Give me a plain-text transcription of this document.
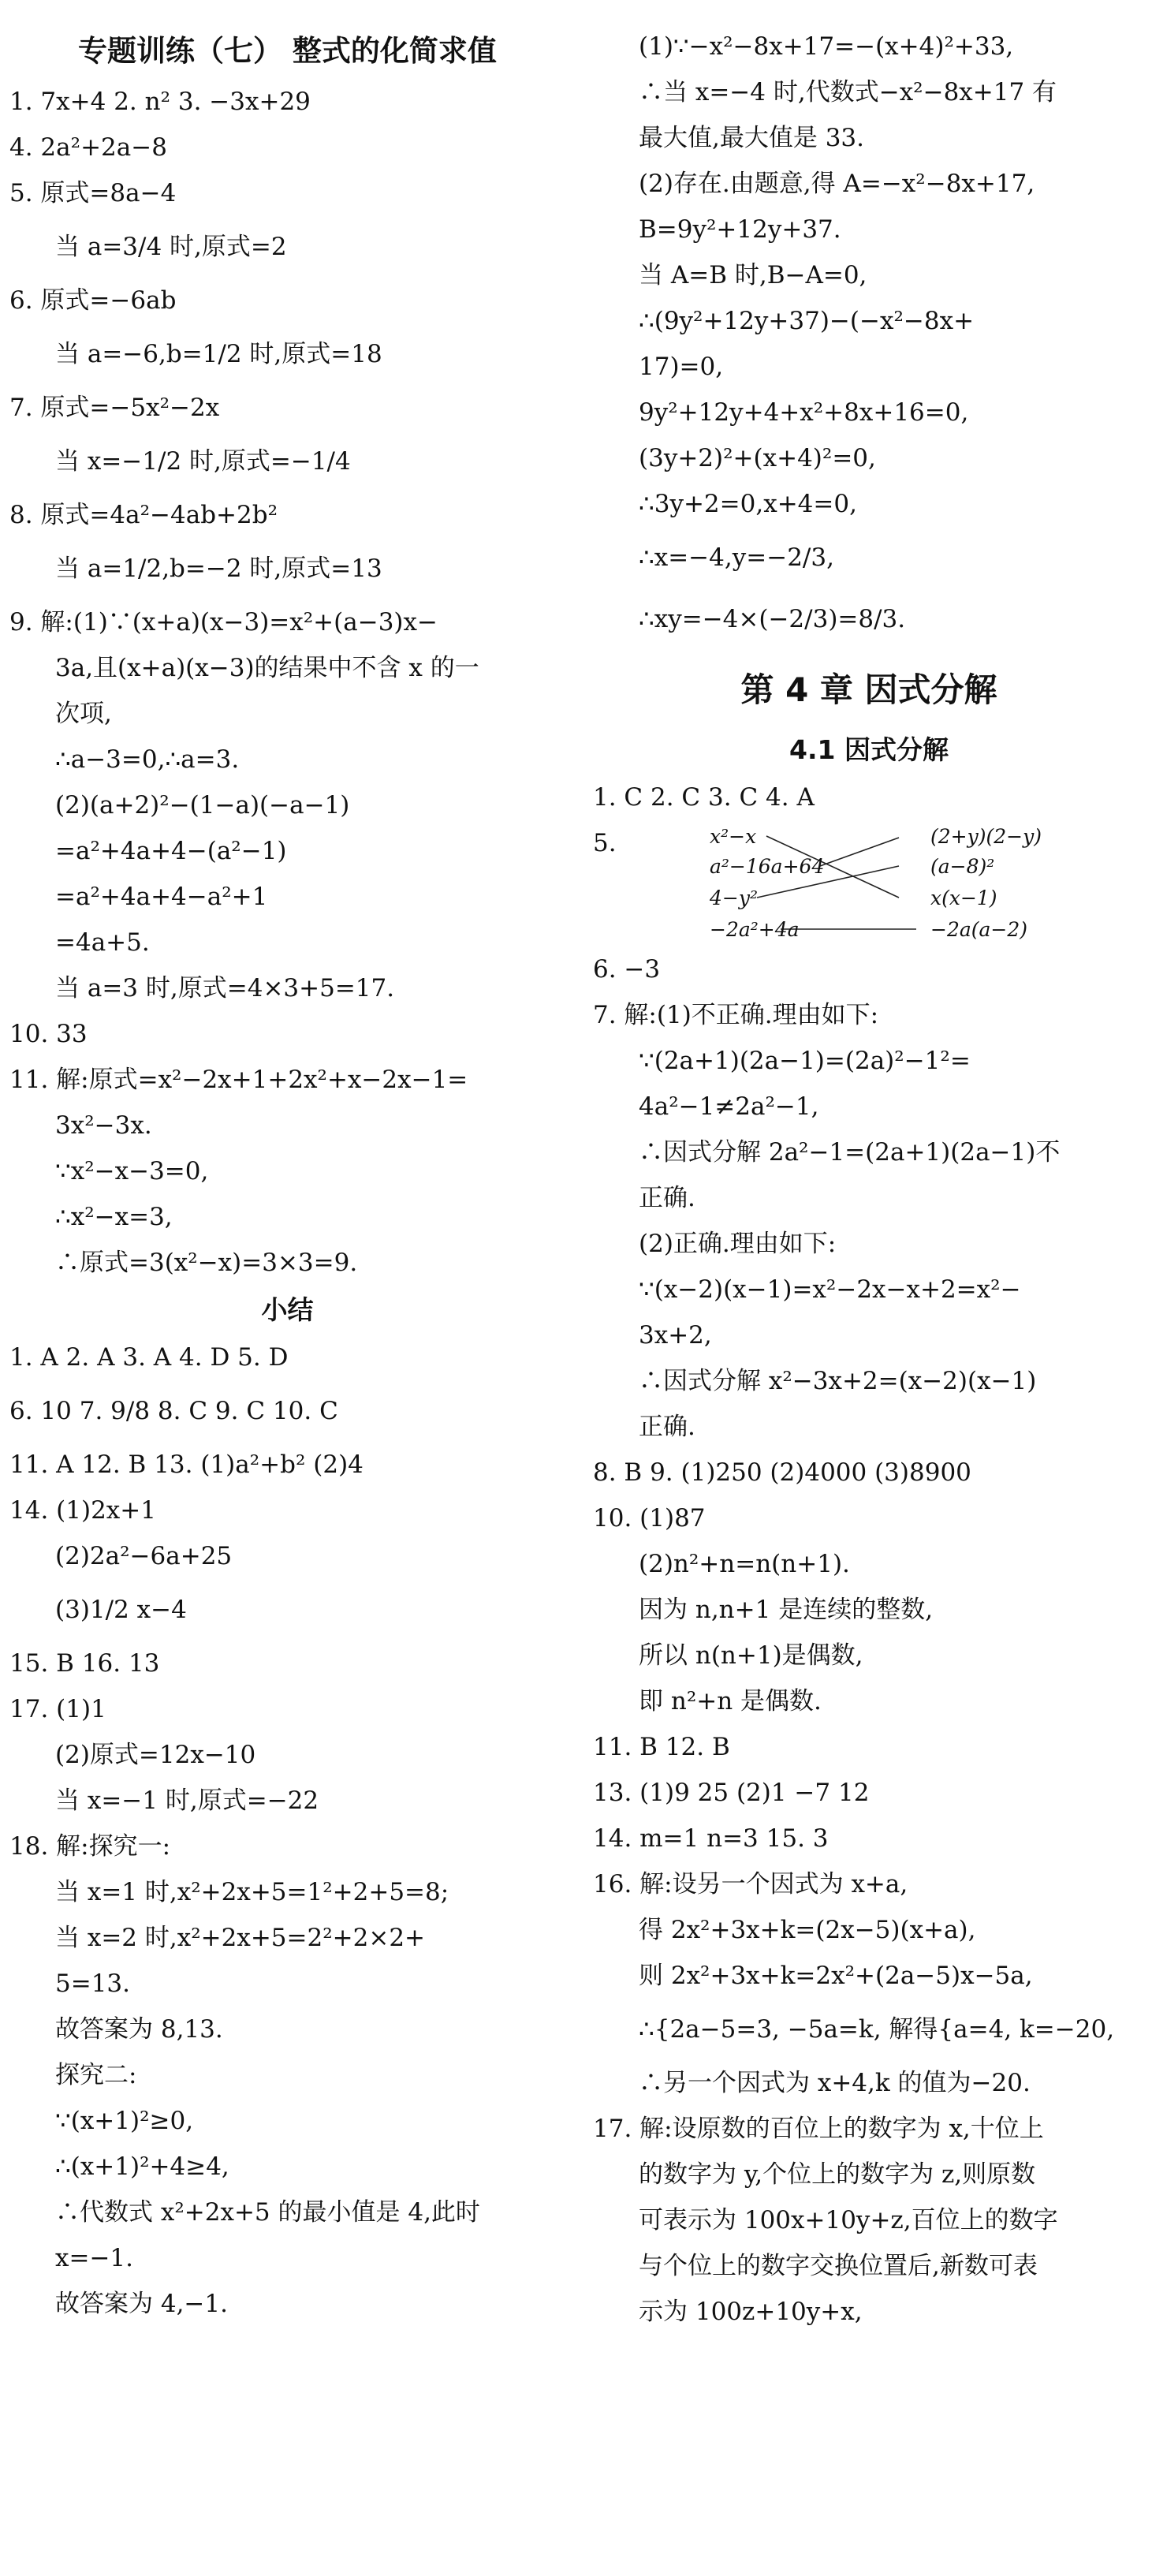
专题训练（七） 整式的化简求值
1. 7x+4 2. n² 3. −3x+29
4. 2a²+2a−8
5. 原式=8a−4
当 a=3/4 时,原式=2
6. 原式=−6ab
当 a=−6,b=1/2 时,原式=18
7. 原式=−5x²−2x
当 x=−1/2 时,原式=−1/4
8. 原式=4a²−4ab+2b²
当 a=1/2,b=−2 时,原式=13
9. 解:(1)∵(x+a)(x−3)=x²+(a−3)x−
3a,且(x+a)(x−3)的结果中不含 x 的一
次项,
∴a−3=0,∴a=3.
(2)(a+2)²−(1−a)(−a−1)
=a²+4a+4−(a²−1)
=a²+4a+4−a²+1
=4a+5.
当 a=3 时,原式=4×3+5=17.
10. 33
11. 解:原式=x²−2x+1+2x²+x−2x−1=
3x²−3x.
∵x²−x−3=0,
∴x²−x=3,
∴原式=3(x²−x)=3×3=9.
小结
1. A 2. A 3. A 4. D 5. D
6. 10 7. 9/8 8. C 9. C 10. C
11. A 12. B 13. (1)a²+b² (2)4
14. (1)2x+1
(2)2a²−6a+25
(3)1/2 x−4
15. B 16. 13
17. (1)1
(2)原式=12x−10
当 x=−1 时,原式=−22
18. 解:探究一:
当 x=1 时,x²+2x+5=1²+2+5=8;
当 x=2 时,x²+2x+5=2²+2×2+
5=13.
故答案为 8,13.
探究二:
∵(x+1)²≥0,
∴(x+1)²+4≥4,
∴代数式 x²+2x+5 的最小值是 4,此时
x=−1.
故答案为 4,−1.
(1)∵−x²−8x+17=−(x+4)²+33,
∴当 x=−4 时,代数式−x²−8x+17 有
最大值,最大值是 33.
(2)存在.由题意,得 A=−x²−8x+17,
B=9y²+12y+37.
当 A=B 时,B−A=0,
∴(9y²+12y+37)−(−x²−8x+
17)=0,
9y²+12y+4+x²+8x+16=0,
(3y+2)²+(x+4)²=0,
∴3y+2=0,x+4=0,
∴x=−4,y=−2/3,
∴xy=−4×(−2/3)=8/3.
第 4 章 因式分解
4.1 因式分解
1. C 2. C 3. C 4. A
5.	x²−x
a²−16a+64
4−y²
−2a²+4a
(2+y)(2−y)
(a−8)²
x(x−1)
−2a(a−2)
6. −3
7. 解:(1)不正确.理由如下:
∵(2a+1)(2a−1)=(2a)²−1²=
4a²−1≠2a²−1,
∴因式分解 2a²−1=(2a+1)(2a−1)不
正确.
(2)正确.理由如下:
∵(x−2)(x−1)=x²−2x−x+2=x²−
3x+2,
∴因式分解 x²−3x+2=(x−2)(x−1)
正确.
8. B 9. (1)250 (2)4000 (3)8900
10. (1)87
(2)n²+n=n(n+1).
因为 n,n+1 是连续的整数,
所以 n(n+1)是偶数,
即 n²+n 是偶数.
11. B 12. B
13. (1)9 25 (2)1 −7 12
14. m=1 n=3 15. 3
16. 解:设另一个因式为 x+a,
得 2x²+3x+k=(2x−5)(x+a),
则 2x²+3x+k=2x²+(2a−5)x−5a,
∴{2a−5=3, −5a=k, 解得{a=4, k=−20,
∴另一个因式为 x+4,k 的值为−20.
17. 解:设原数的百位上的数字为 x,十位上
的数字为 y,个位上的数字为 z,则原数
可表示为 100x+10y+z,百位上的数字
与个位上的数字交换位置后,新数可表
示为 100z+10y+x,
